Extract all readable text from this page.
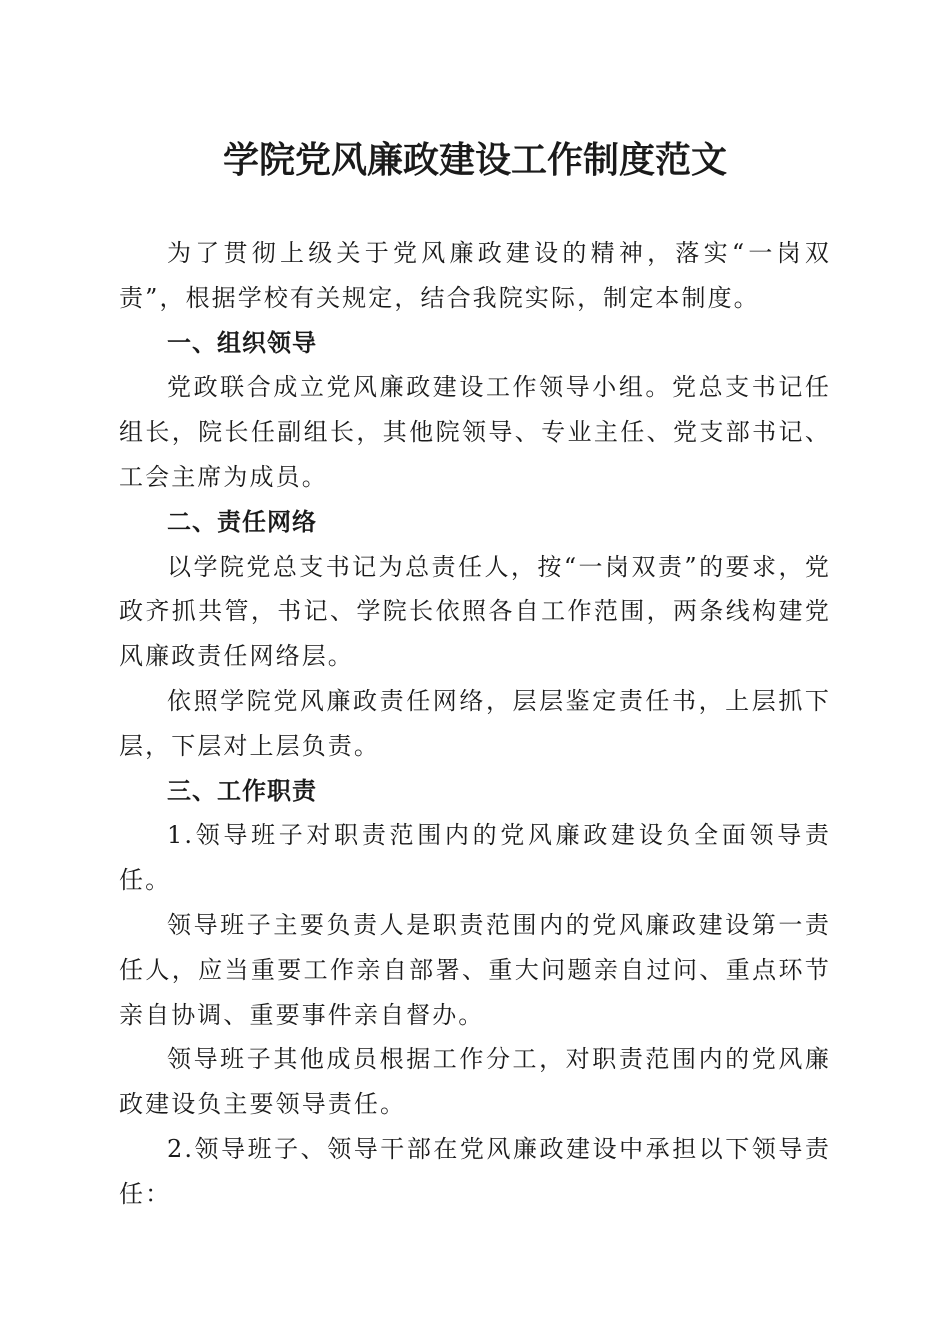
学院党风廉政建设工作制度范文

为了贯彻上级关于党风廉政建设的精神，落实“一岗双责”，根据学校有关规定，结合我院实际，制定本制度。

一、组织领导

党政联合成立党风廉政建设工作领导小组。党总支书记任组长，院长任副组长，其他院领导、专业主任、党支部书记、工会主席为成员。

二、责任网络

以学院党总支书记为总责任人，按“一岗双责”的要求，党政齐抓共管，书记、学院长依照各自工作范围，两条线构建党风廉政责任网络层。

依照学院党风廉政责任网络，层层鉴定责任书，上层抓下层，下层对上层负责。

三、工作职责

1.领导班子对职责范围内的党风廉政建设负全面领导责任。

领导班子主要负责人是职责范围内的党风廉政建设第一责任人，应当重要工作亲自部署、重大问题亲自过问、重点环节亲自协调、重要事件亲自督办。

领导班子其他成员根据工作分工，对职责范围内的党风廉政建设负主要领导责任。

2.领导班子、领导干部在党风廉政建设中承担以下领导责任：
